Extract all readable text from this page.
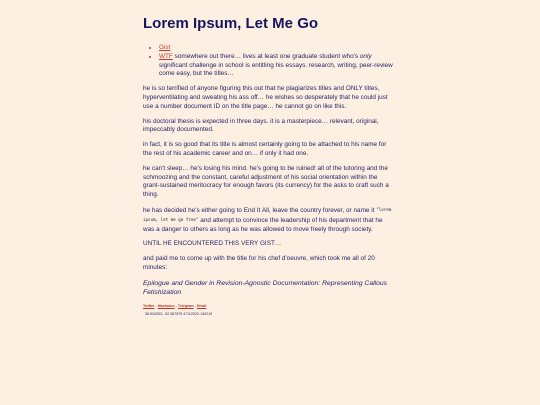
Lorem Ipsum, Let Me Go
• Gist
• WTF somewhere out there… lives at least one graduate student who's only significant challenge in school is entitling his essays. research, writing, peer-review come easy, but the titles…

he is so terrified of anyone figuring this out that he plagiarizes titles and ONLY titles, hyperventilating and sweating his ass off… he wishes so desperately that he could just use a number document ID on the title page… he cannot go on like this.

his doctoral thesis is expected in three days. it is a masterpiece… relevant, original, impeccably documented.

in fact, it is so good that its title is almost certainly going to be attached to his name for the rest of his academic career and on… if only it had one.

he can't sleep… he's losing his mind. he's going to be ruined! all of the tutoring and the schmoozing and the constant, careful adjustment of his social orientation within the grant-sustained meritocracy for enough favors (its currency) for the asks to craft such a thing.

he has decided he's either going to End It All, leave the country forever, or name it "lorem ipsum, let me go free" and attempt to convince the leadership of his department that he was a danger to others as long as he was allowed to move freely through society.

UNTIL HE ENCOUNTERED THIS VERY GIST…

and paid me to come up with the title for his chef d'oeuvre, which took me all of 20 minutes:

Epilogue and Gender in Revision-Agnostic Documentation: Representing Callous Fetishization

Twitter - Mastodon - Telegram - Email
38.934053, -92.387975 47112022-140219
